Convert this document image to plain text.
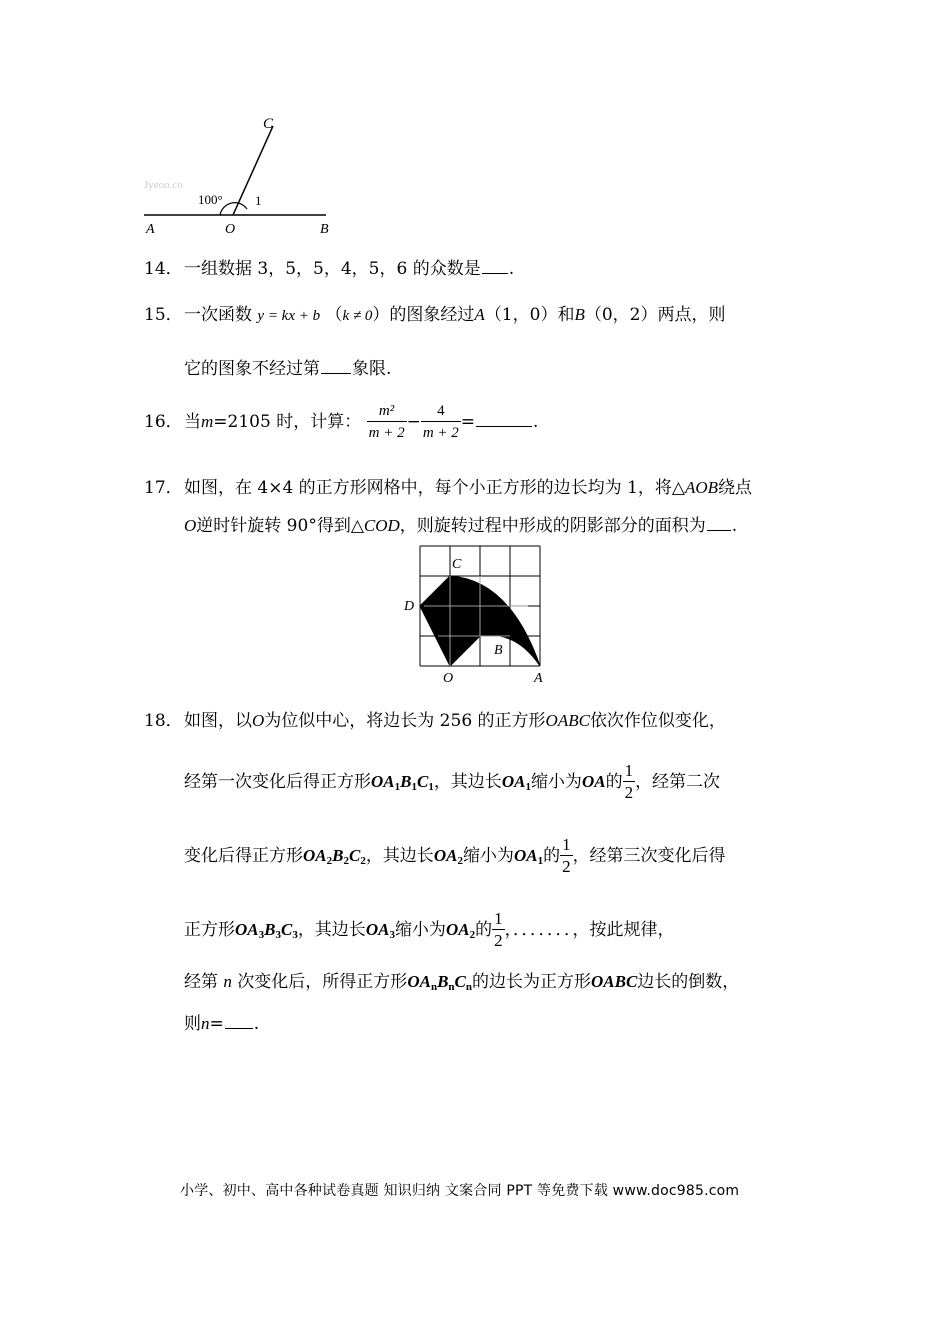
Jyeoo.co
C
100° 1
A	O	B
14．一组数据 3，5，5，4，5，6 的众数是 .
15．一次函数 y = kx + b （k ≠ 0）的图象经过A（1，0）和B（0，2）两点，则
它的图象不经过第 象限.
16．当m=2105 时，计算： $\frac{\text{m²}}{m + 2} - \frac{4}{m + 2}$ =	.
17．如图，在 4×4 的正方形网格中，每个小正方形的边长均为 1，将△AOB绕点
O逆时针旋转 90°得到△COD，则旋转过程中形成的阴影部分的面积为 .
C
D
B
O	A
18．如图，以O为位似中心，将边长为 256 的正方形OABC依次作位似变化，
经第一次变化后得正方形$OA_1B_1C_1$，其边长$OA_1$缩小为OA的 $\frac{1}{2}$ ，经第二次
变化后得正方形$OA_2B_2C_2$，其边长$OA_2$缩小为$OA_1$的 $\frac{1}{2}$ ，经第三次变化后得
正方形$OA_3B_3C_3$，其边长$OA_3$缩小为$OA_2$的 $\frac{1}{2}$ ，．．．．．．．，按此规律，
经第 n 次变化后，所得正方形$OA_nB_nC_n$的边长为正方形OABC边长的倒数，
则n= .
小学、初中、高中各种试卷真题 知识归纳 文案合同 PPT 等免费下载 www.doc985.com
